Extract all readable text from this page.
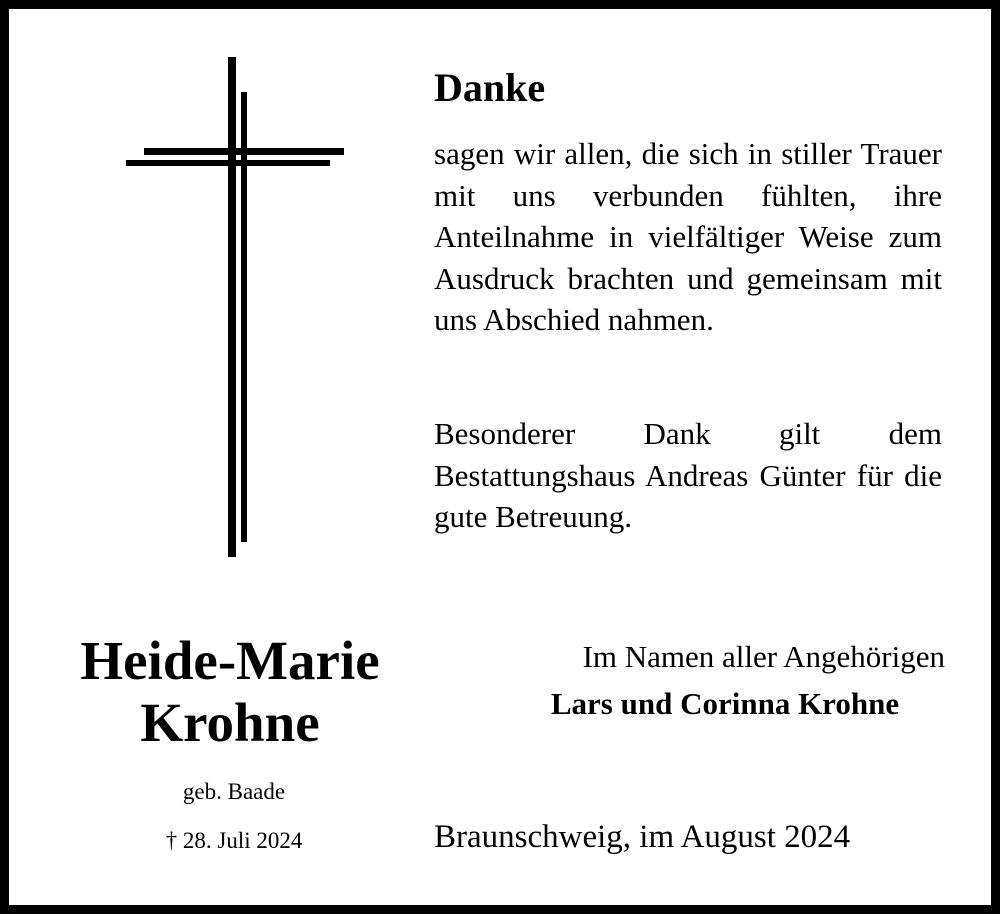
Danke

sagen wir allen, die sich in stiller Trauer mit uns verbunden fühlten, ihre Anteilnahme in vielfältiger Weise zum Ausdruck brachten und gemeinsam mit uns Abschied nahmen.

Besonderer Dank gilt dem Bestattungshaus Andreas Günter für die gute Betreuung.

Heide-Marie
Krohne
geb. Baade
† 28. Juli 2024
Im Namen aller Angehörigen
Lars und Corinna Krohne
Braunschweig, im August 2024
